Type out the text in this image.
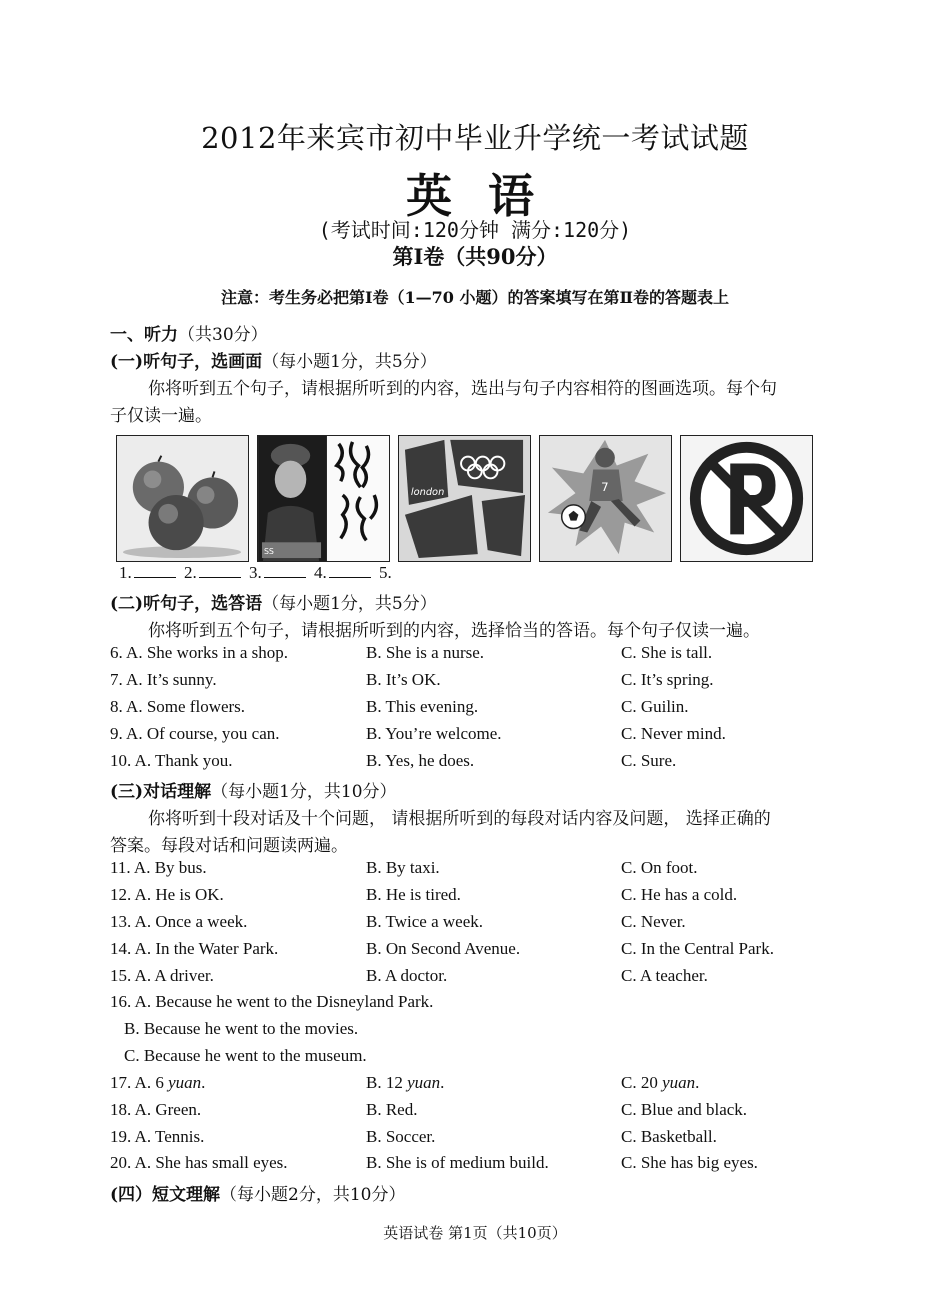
2012年来宾市初中毕业升学统一考试试题
英 语
(考试时间:120分钟 满分:120分)
第Ⅰ卷（共90分）
注意：考生务必把第Ⅰ卷（1—70 小题）的答案填写在第Ⅱ卷的答题表上
一、听力（共30分）
(一)听句子，选画面（每小题1分，共5分）
你将听到五个句子，请根据所听到的内容，选出与句子内容相符的图画选项。每个句
子仅读一遍。
SS
london	7
1.	2.	3.	4.	5.
(二)听句子，选答语（每小题1分，共5分）
你将听到五个句子，请根据所听到的内容，选择恰当的答语。每个句子仅读一遍。
6. A. She works in a shop.	B. She is a nurse.	C. She is tall.
7. A. It’s sunny.	B. It’s OK.	C. It’s spring.
8. A. Some flowers.	B. This evening.	C. Guilin.
9. A. Of course, you can.	B. You’re welcome.	C. Never mind.
10. A. Thank you.	B. Yes, he does.	C. Sure.
(三)对话理解（每小题1分，共10分）
你将听到十段对话及十个问题， 请根据所听到的每段对话内容及问题， 选择正确的
答案。每段对话和问题读两遍。
11. A. By bus.	B. By taxi.	C. On foot.
12. A. He is OK.	B. He is tired.	C. He has a cold.
13. A. Once a week.	B. Twice a week.	C. Never.
14. A. In the Water Park.	B. On Second Avenue.	C. In the Central Park.
15. A. A driver.	B. A doctor.	C. A teacher.
16. A. Because he went to the Disneyland Park.
B. Because he went to the movies.
C. Because he went to the museum.
17. A. 6 yuan.	B. 12 yuan.	C. 20 yuan.
18. A. Green.	B. Red.	C. Blue and black.
19. A. Tennis.	B. Soccer.	C. Basketball.
20. A. She has small eyes.	B. She is of medium build.	C. She has big eyes.
(四）短文理解（每小题2分，共10分）
英语试卷 第1页（共10页）
